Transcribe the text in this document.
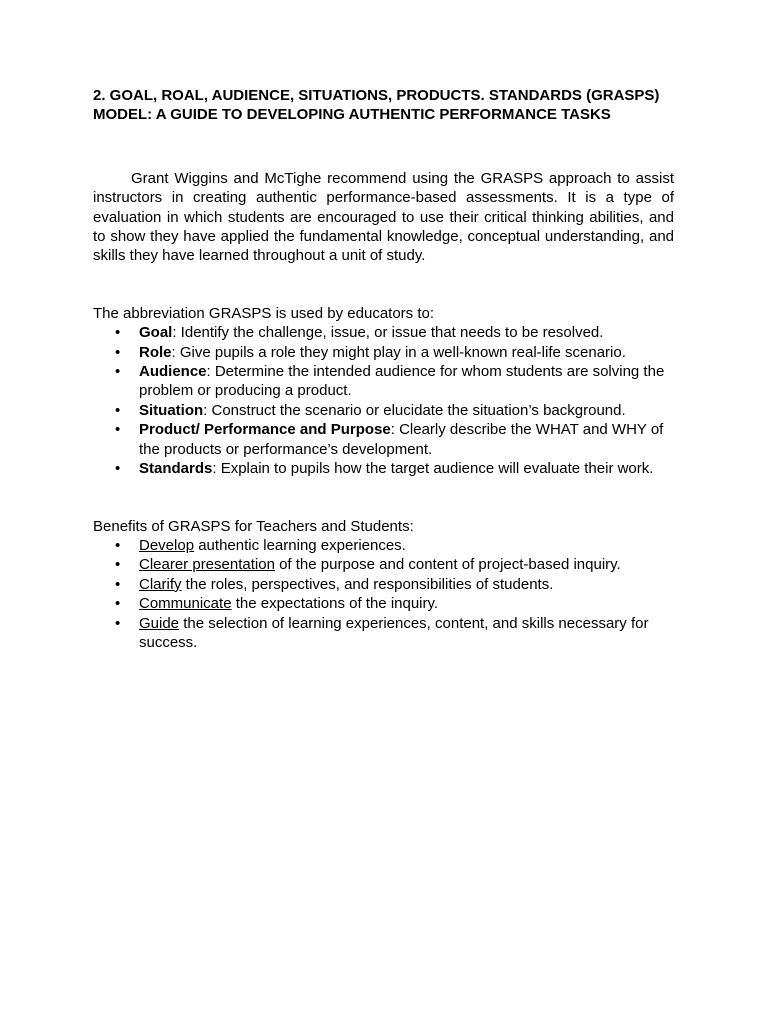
2. GOAL, ROAL, AUDIENCE, SITUATIONS, PRODUCTS. STANDARDS (GRASPS) MODEL: A GUIDE TO DEVELOPING AUTHENTIC PERFORMANCE TASKS

Grant Wiggins and McTighe recommend using the GRASPS approach to assist instructors in creating authentic performance-based assessments. It is a type of evaluation in which students are encouraged to use their critical thinking abilities, and to show they have applied the fundamental knowledge, conceptual understanding, and skills they have learned throughout a unit of study.

The abbreviation GRASPS is used by educators to:

• Goal: Identify the challenge, issue, or issue that needs to be resolved.
• Role: Give pupils a role they might play in a well-known real-life scenario.
• Audience: Determine the intended audience for whom students are solving the problem or producing a product.
• Situation: Construct the scenario or elucidate the situation’s background.
• Product/ Performance and Purpose: Clearly describe the WHAT and WHY of the products or performance’s development.
• Standards: Explain to pupils how the target audience will evaluate their work.

Benefits of GRASPS for Teachers and Students:

• Develop authentic learning experiences.
• Clearer presentation of the purpose and content of project-based inquiry.
• Clarify the roles, perspectives, and responsibilities of students.
• Communicate the expectations of the inquiry.
• Guide the selection of learning experiences, content, and skills necessary for success.
